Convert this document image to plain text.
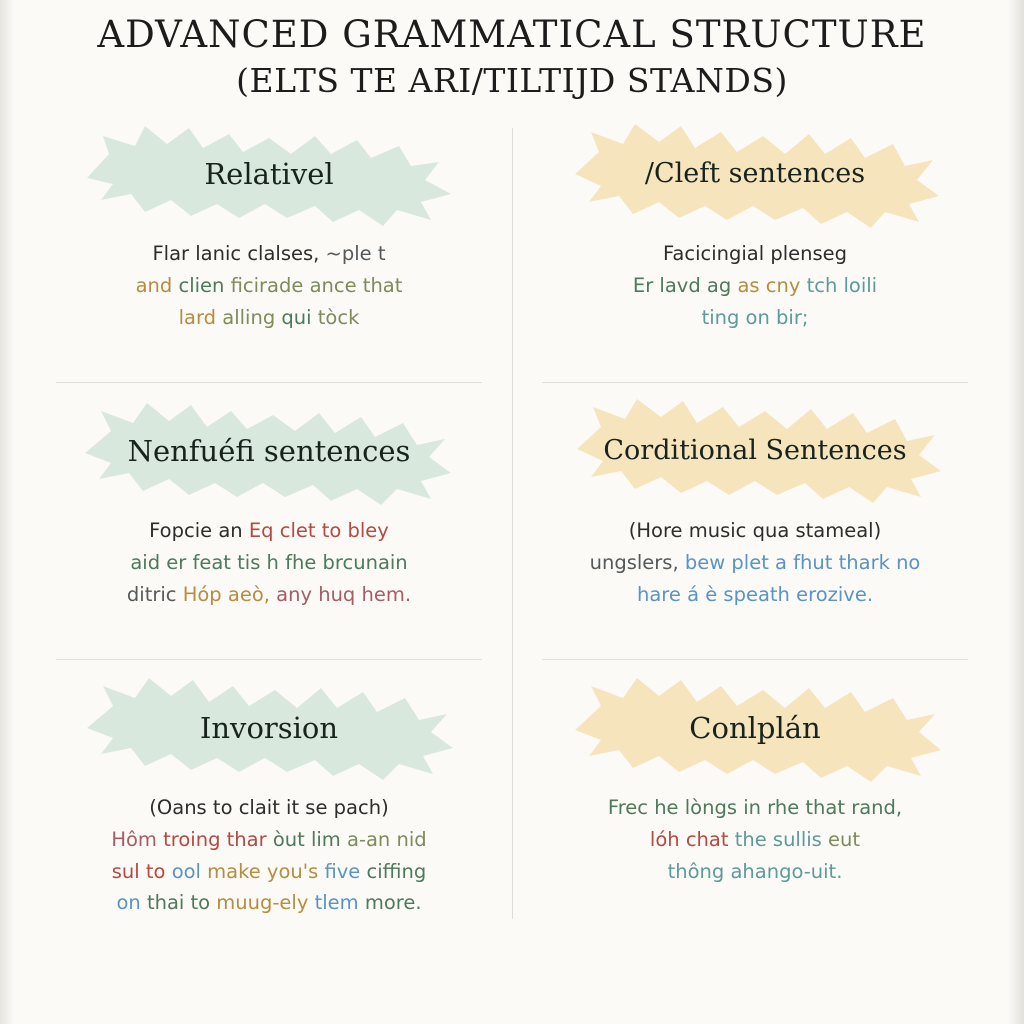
ADVANCED GRAMMATICAL STRUCTURE
(ELTS TE ARI/TILTIJD STANDS)
Relativel
Flar lanic clalses, ~ple t
and clien ficirade ance that
lard alling qui tòck
/Cleft sentences
Facicingial plenseg
Er lavd ag as cny tch loili
ting on bir;
Nenfuéfi sentences
Fopcie an Eq clet to bley
aid er feat tis h fhe brcunain
ditric Hóp aeò, any huq hem.
Corditional Sentences
(Hore music qua stameal)
ungslers, bew plet a fhut thark no
hare á è speath erozive.
Invorsion
(Oans to clait it se pach)
Hôm troing thar òut lim a-an nid
sul to ool make you's five ciffing
on thai to muug-ely tlem more.
Conlplán
Frec he lòngs in rhe that rand,
lóh chat the sullis eut
thông ahango-uit.
